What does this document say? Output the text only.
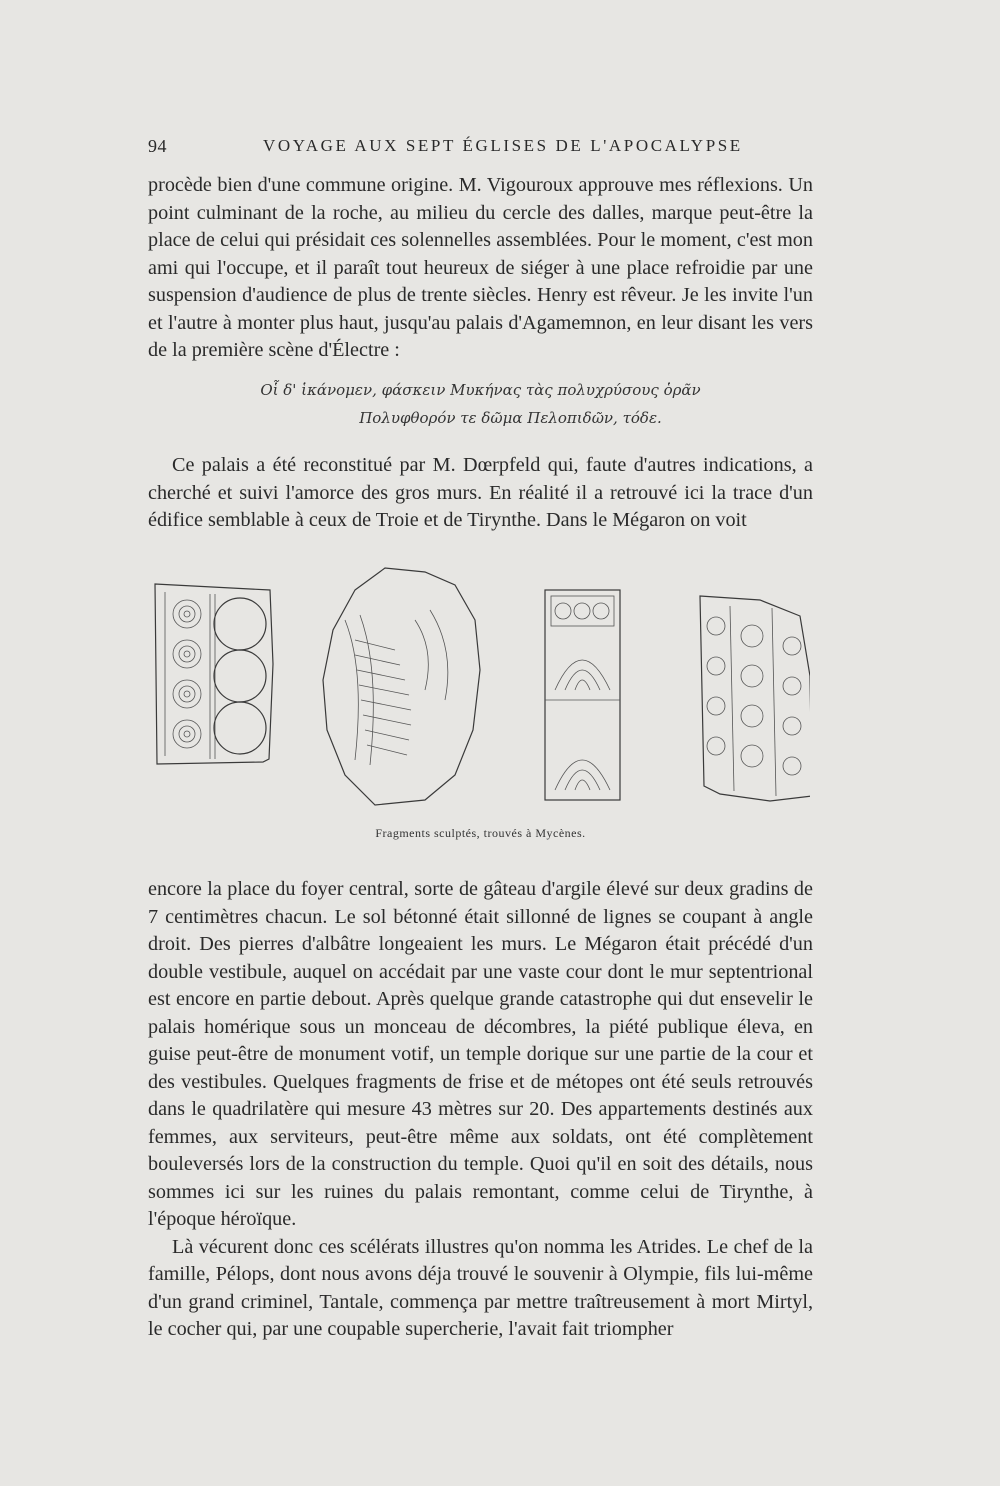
94	VOYAGE AUX SEPT ÉGLISES DE L'APOCALYPSE

procède bien d'une commune origine. M. Vigouroux approuve mes réflexions. Un point culminant de la roche, au milieu du cercle des dalles, marque peut-être la place de celui qui présidait ces solennelles assemblées. Pour le moment, c'est mon ami qui l'occupe, et il paraît tout heureux de siéger à une place refroidie par une suspension d'audience de plus de trente siècles. Henry est rêveur. Je les invite l'un et l'autre à monter plus haut, jusqu'au palais d'Agamemnon, en leur disant les vers de la première scène d'Électre :

Οἷ δ' ἱκάνομεν, φάσκειν Μυκήνας τὰς πολυχρύσους ὁρᾶν
Πολυφθορόν τε δῶμα Πελοπιδῶν, τόδε.

Ce palais a été reconstitué par M. Dœrpfeld qui, faute d'autres indications, a cherché et suivi l'amorce des gros murs. En réalité il a retrouvé ici la trace d'un édifice semblable à ceux de Troie et de Tirynthe. Dans le Mégaron on voit

Fragments sculptés, trouvés à Mycènes.

encore la place du foyer central, sorte de gâteau d'argile élevé sur deux gradins de 7 centimètres chacun. Le sol bétonné était sillonné de lignes se coupant à angle droit. Des pierres d'albâtre longeaient les murs. Le Mégaron était précédé d'un double vestibule, auquel on accédait par une vaste cour dont le mur septentrional est encore en partie debout. Après quelque grande catastrophe qui dut ensevelir le palais homérique sous un monceau de décombres, la piété publique éleva, en guise peut-être de monument votif, un temple dorique sur une partie de la cour et des vestibules. Quelques fragments de frise et de métopes ont été seuls retrouvés dans le quadrilatère qui mesure 43 mètres sur 20. Des appartements destinés aux femmes, aux serviteurs, peut-être même aux soldats, ont été complètement bouleversés lors de la construction du temple. Quoi qu'il en soit des détails, nous sommes ici sur les ruines du palais remontant, comme celui de Tirynthe, à l'époque héroïque.

Là vécurent donc ces scélérats illustres qu'on nomma les Atrides. Le chef de la famille, Pélops, dont nous avons déja trouvé le souvenir à Olympie, fils lui-même d'un grand criminel, Tantale, commença par mettre traîtreusement à mort Mirtyl, le cocher qui, par une coupable supercherie, l'avait fait triompher
